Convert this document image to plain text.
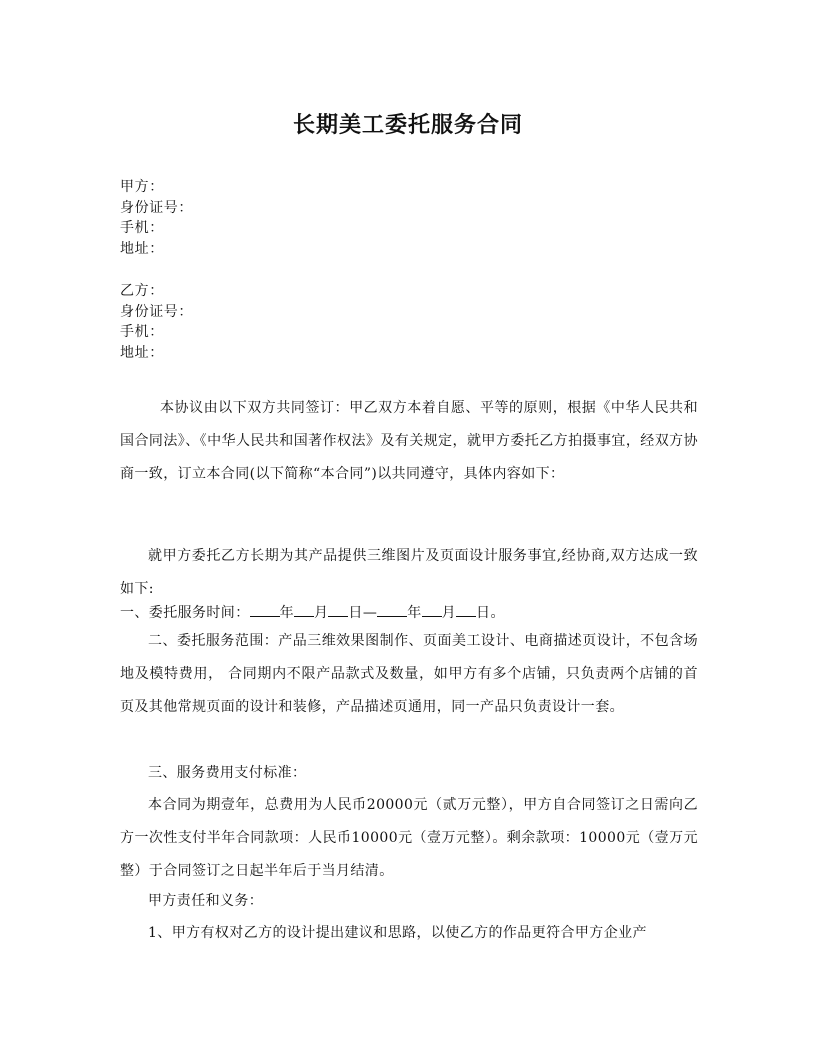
长期美工委托服务合同
甲方：
身份证号：
手机：
地址：
乙方：
身份证号：
手机：
地址：
本协议由以下双方共同签订：甲乙双方本着自愿、平等的原则，根据《中华人民共和国合同法》、《中华人民共和国著作权法》及有关规定，就甲方委托乙方拍摄事宜，经双方协商一致，订立本合同(以下简称“本合同”)以共同遵守，具体内容如下：
就甲方委托乙方长期为其产品提供三维图片及页面设计服务事宜,经协商,双方达成一致如下:
一、委托服务时间： 年 月 日— 年 月 日。
二、委托服务范围：产品三维效果图制作、页面美工设计、电商描述页设计，不包含场地及模特费用， 合同期内不限产品款式及数量，如甲方有多个店铺，只负责两个店铺的首页及其他常规页面的设计和装修，产品描述页通用，同一产品只负责设计一套。
三、服务费用支付标准：
本合同为期壹年，总费用为人民币20000元（贰万元整），甲方自合同签订之日需向乙方一次性支付半年合同款项：人民币10000元（壹万元整）。剩余款项：10000元（壹万元整）于合同签订之日起半年后于当月结清。
甲方责任和义务：
1、甲方有权对乙方的设计提出建议和思路，以使乙方的作品更符合甲方企业产
